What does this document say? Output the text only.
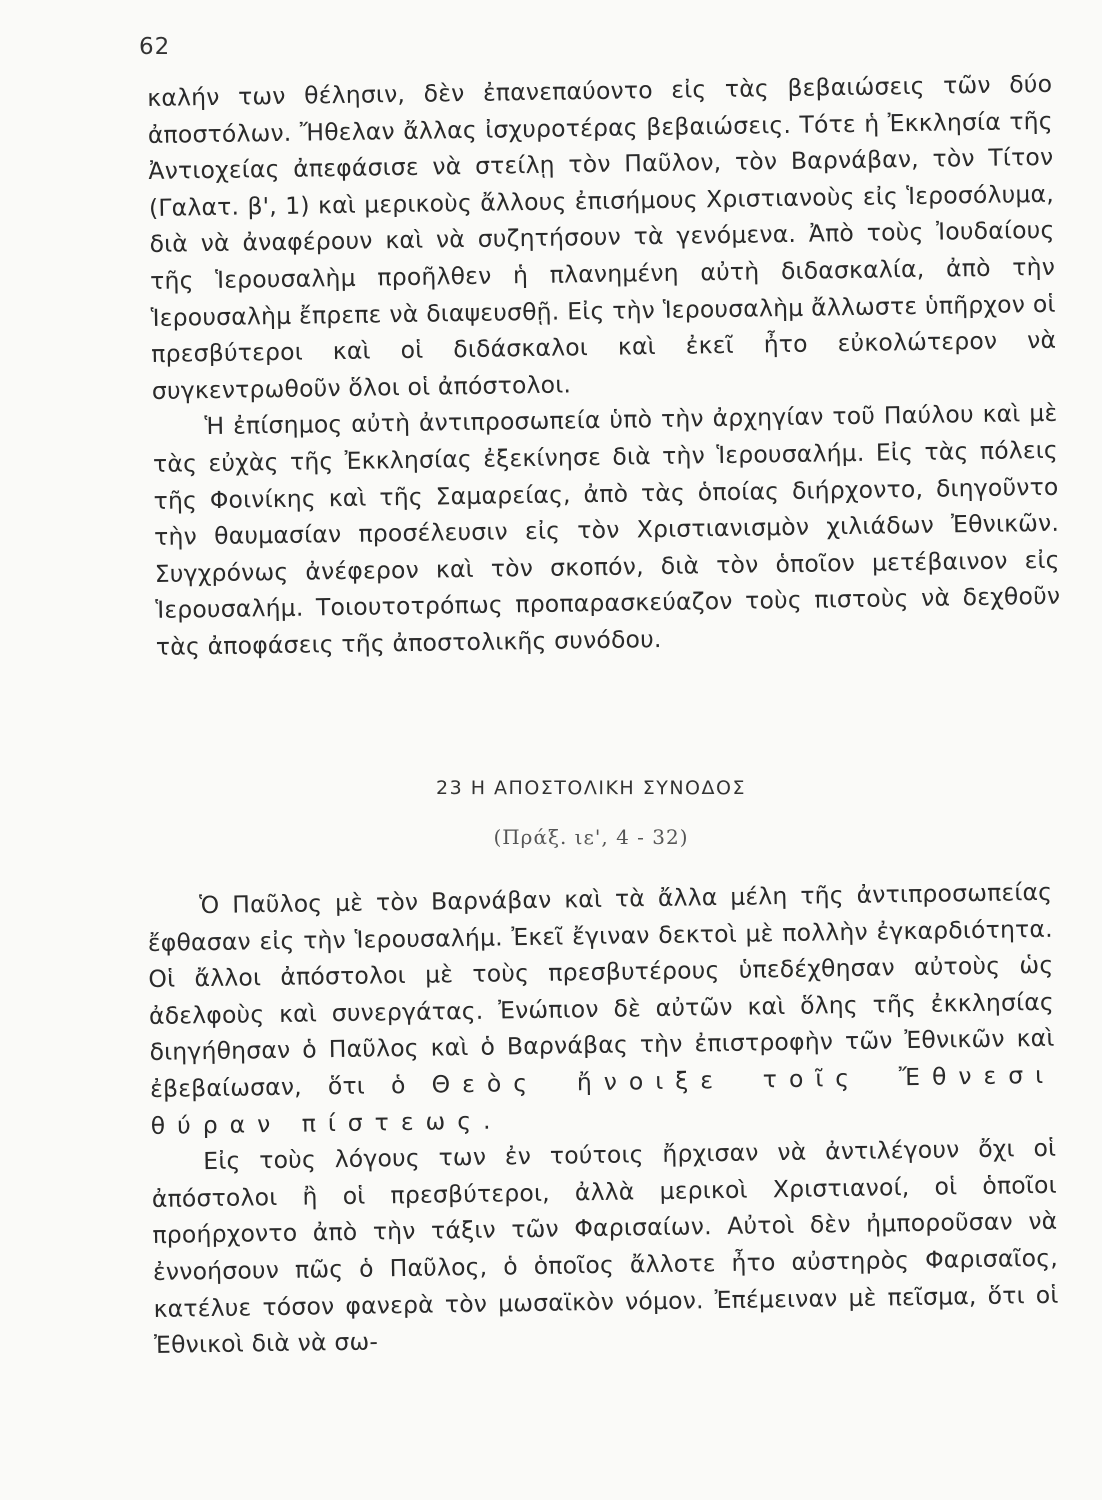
62

καλήν των θέλησιν, δὲν ἐπανεπαύοντο εἰς τὰς βεβαιώσεις τῶν δύο ἀποστόλων. Ἤθελαν ἄλλας ἰσχυροτέρας βεβαιώσεις. Τότε ἡ Ἐκκλησία τῆς Ἀντιοχείας ἀπεφάσισε νὰ στείλῃ τὸν Παῦλον, τὸν Βαρνάβαν, τὸν Τίτον (Γαλατ. β', 1) καὶ μερικοὺς ἄλλους ἐπισήμους Χριστιανοὺς εἰς Ἱεροσόλυμα, διὰ νὰ ἀναφέρουν καὶ νὰ συζητήσουν τὰ γενόμενα. Ἀπὸ τοὺς Ἰουδαίους τῆς Ἱερουσαλὴμ προῆλθεν ἡ πλανημένη αὐτὴ διδασκαλία, ἀπὸ τὴν Ἱερουσαλὴμ ἔπρεπε νὰ διαψευσθῇ. Εἰς τὴν Ἱερουσαλὴμ ἄλλωστε ὑπῆρχον οἱ πρεσβύτεροι καὶ οἱ διδάσκαλοι καὶ ἐκεῖ ἦτο εὐκολώτερον νὰ συγκεντρωθοῦν ὅλοι οἱ ἀπόστολοι.

Ἡ ἐπίσημος αὐτὴ ἀντιπροσωπεία ὑπὸ τὴν ἀρχηγίαν τοῦ Παύλου καὶ μὲ τὰς εὐχὰς τῆς Ἐκκλησίας ἐξεκίνησε διὰ τὴν Ἱερουσαλήμ. Εἰς τὰς πόλεις τῆς Φοινίκης καὶ τῆς Σαμαρείας, ἀπὸ τὰς ὁποίας διήρχοντο, διηγοῦντο τὴν θαυμασίαν προσέλευσιν εἰς τὸν Χριστιανισμὸν χιλιάδων Ἐθνικῶν. Συγχρόνως ἀνέφερον καὶ τὸν σκοπόν, διὰ τὸν ὁποῖον μετέβαινον εἰς Ἱερουσαλήμ. Τοιουτοτρόπως προπαρασκεύαζον τοὺς πιστοὺς νὰ δεχθοῦν τὰς ἀποφάσεις τῆς ἀποστολικῆς συνόδου.

23 Η ΑΠΟΣΤΟΛΙΚΗ ΣΥΝΟΔΟΣ
(Πράξ. ιε', 4 - 32)

Ὁ Παῦλος μὲ τὸν Βαρνάβαν καὶ τὰ ἄλλα μέλη τῆς ἀντιπροσωπείας ἔφθασαν εἰς τὴν Ἱερουσαλήμ. Ἐκεῖ ἔγιναν δεκτοὶ μὲ πολλὴν ἐγκαρδιότητα. Οἱ ἄλλοι ἀπόστολοι μὲ τοὺς πρεσβυτέρους ὑπεδέχθησαν αὐτοὺς ὡς ἀδελφοὺς καὶ συνεργάτας. Ἐνώπιον δὲ αὐτῶν καὶ ὅλης τῆς ἐκκλησίας διηγήθησαν ὁ Παῦλος καὶ ὁ Βαρνάβας τὴν ἐπιστροφὴν τῶν Ἐθνικῶν καὶ ἐβεβαίωσαν, ὅτι ὁ Θεὸς ἤνοιξε τοῖς Ἔθνεσι θύραν πίστεως.

Εἰς τοὺς λόγους των ἐν τούτοις ἤρχισαν νὰ ἀντιλέγουν ὄχι οἱ ἀπόστολοι ἢ οἱ πρεσβύτεροι, ἀλλὰ μερικοὶ Χριστιανοί, οἱ ὁποῖοι προήρχοντο ἀπὸ τὴν τάξιν τῶν Φαρισαίων. Αὐτοὶ δὲν ἠμποροῦσαν νὰ ἐννοήσουν πῶς ὁ Παῦλος, ὁ ὁποῖος ἄλλοτε ἦτο αὐστηρὸς Φαρισαῖος, κατέλυε τόσον φανερὰ τὸν μωσαϊκὸν νόμον. Ἐπέμειναν μὲ πεῖσμα, ὅτι οἱ Ἐθνικοὶ διὰ νὰ σω-
